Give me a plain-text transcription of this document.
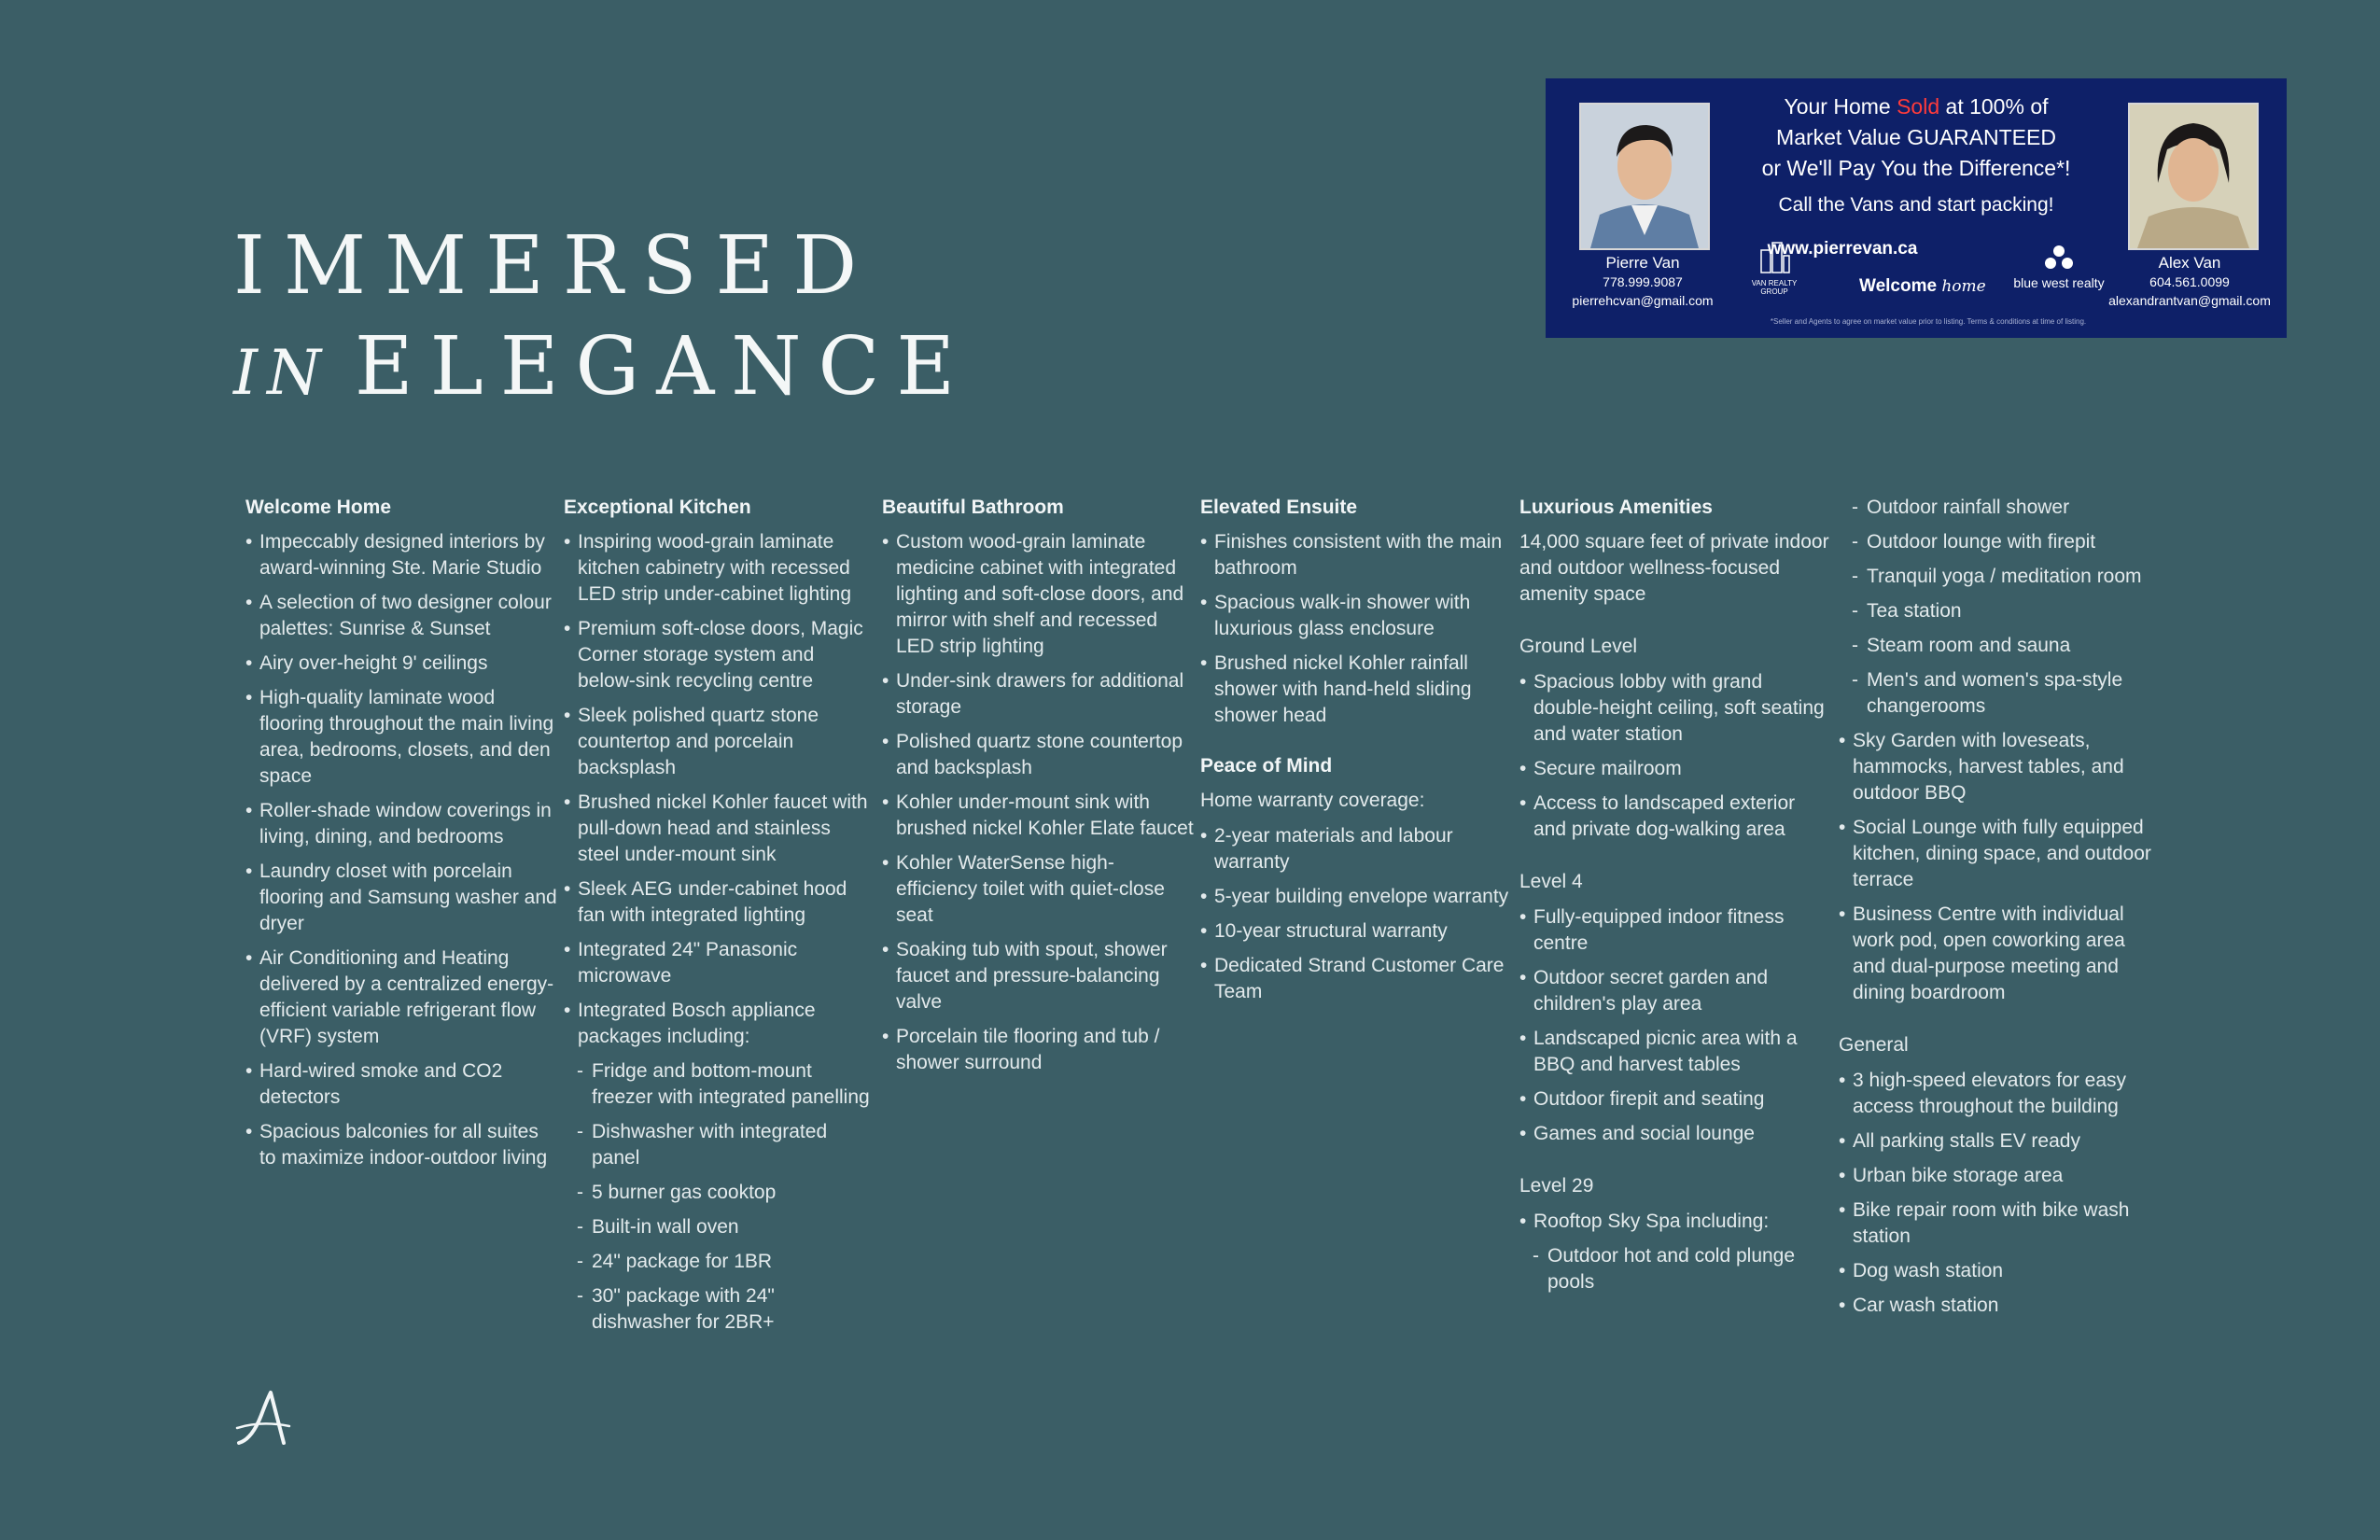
IMMERSED
IN ELEGANCE
Your Home Sold at 100% of
Market Value GUARANTEED
or We'll Pay You the Difference*!
Call the Vans and start packing!
VAN REALTY GROUP
www.pierrevan.ca
Welcome home	blue west realty
Pierre Van
778.999.9087
pierrehcvan@gmail.com
Alex Van
604.561.0099
alexandrantvan@gmail.com
*Seller and Agents to agree on market value prior to listing. Terms & conditions at time of listing.
Welcome Home
• Impeccably designed interiors by award-winning Ste. Marie Studio
• A selection of two designer colour palettes: Sunrise & Sunset
• Airy over-height 9' ceilings
• High-quality laminate wood flooring throughout the main living area, bedrooms, closets, and den space
• Roller-shade window coverings in living, dining, and bedrooms
• Laundry closet with porcelain flooring and Samsung washer and dryer
• Air Conditioning and Heating delivered by a centralized energy-efficient variable refrigerant flow (VRF) system
• Hard-wired smoke and CO2 detectors
• Spacious balconies for all suites to maximize indoor-outdoor living
Exceptional Kitchen
• Inspiring wood-grain laminate kitchen cabinetry with recessed LED strip under-cabinet lighting
• Premium soft-close doors, Magic Corner storage system and below-sink recycling centre
• Sleek polished quartz stone countertop and porcelain backsplash
• Brushed nickel Kohler faucet with pull-down head and stainless steel under-mount sink
• Sleek AEG under-cabinet hood fan with integrated lighting
• Integrated 24" Panasonic microwave
• Integrated Bosch appliance packages including:
- Fridge and bottom-mount freezer with integrated panelling
- Dishwasher with integrated panel
- 5 burner gas cooktop
- Built-in wall oven
- 24" package for 1BR
- 30" package with 24" dishwasher for 2BR+
Beautiful Bathroom
• Custom wood-grain laminate medicine cabinet with integrated lighting and soft-close doors, and mirror with shelf and recessed LED strip lighting
• Under-sink drawers for additional storage
• Polished quartz stone countertop and backsplash
• Kohler under-mount sink with brushed nickel Kohler Elate faucet
• Kohler WaterSense high-efficiency toilet with quiet-close seat
• Soaking tub with spout, shower faucet and pressure-balancing valve
• Porcelain tile flooring and tub / shower surround
Elevated Ensuite
• Finishes consistent with the main bathroom
• Spacious walk-in shower with luxurious glass enclosure
• Brushed nickel Kohler rainfall shower with hand-held sliding shower head
Peace of Mind

Home warranty coverage:

• 2-year materials and labour warranty
• 5-year building envelope warranty
• 10-year structural warranty
• Dedicated Strand Customer Care Team
Luxurious Amenities

14,000 square feet of private indoor and outdoor wellness-focused amenity space

Ground Level

• Spacious lobby with grand double-height ceiling, soft seating and water station
• Secure mailroom
• Access to landscaped exterior and private dog-walking area

Level 4

• Fully-equipped indoor fitness centre
• Outdoor secret garden and children's play area
• Landscaped picnic area with a BBQ and harvest tables
• Outdoor firepit and seating
• Games and social lounge

Level 29

• Rooftop Sky Spa including:
- Outdoor hot and cold plunge pools
- Outdoor rainfall shower
- Outdoor lounge with firepit
- Tranquil yoga / meditation room
- Tea station
- Steam room and sauna
- Men's and women's spa-style changerooms
• Sky Garden with loveseats, hammocks, harvest tables, and outdoor BBQ
• Social Lounge with fully equipped kitchen, dining space, and outdoor terrace
• Business Centre with individual work pod, open coworking area and dual-purpose meeting and dining boardroom

General

• 3 high-speed elevators for easy access throughout the building
• All parking stalls EV ready
• Urban bike storage area
• Bike repair room with bike wash station
• Dog wash station
• Car wash station
